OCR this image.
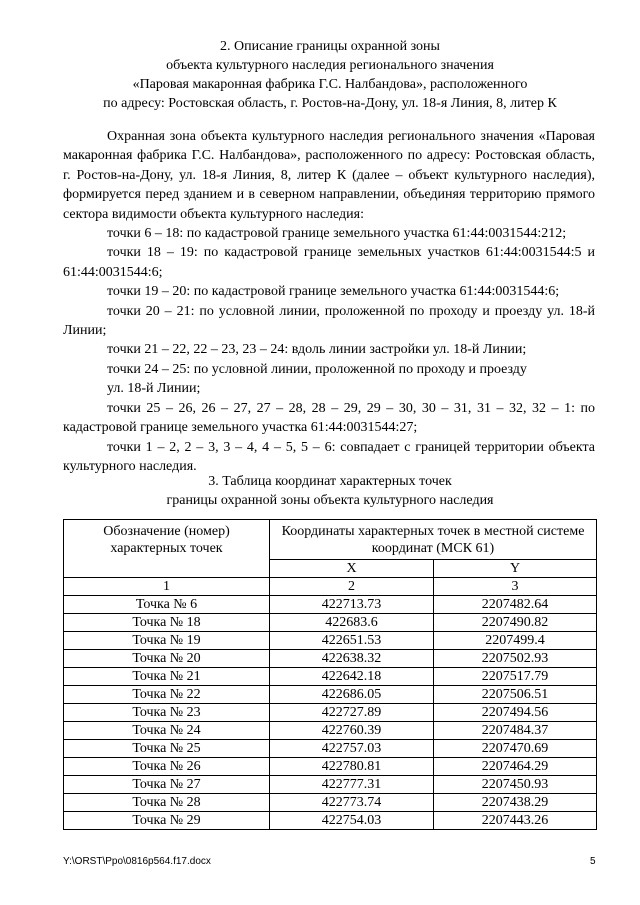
2. Описание границы охранной зоны
объекта культурного наследия регионального значения
«Паровая макаронная фабрика Г.С. Налбандова», расположенного
по адресу: Ростовская область, г. Ростов-на-Дону, ул. 18-я Линия, 8, литер К

Охранная зона объекта культурного наследия регионального значения «Паровая макаронная фабрика Г.С. Налбандова», расположенного по адресу: Ростовская область, г. Ростов-на-Дону, ул. 18-я Линия, 8, литер К (далее – объект культурного наследия), формируется перед зданием и в северном направлении, объединяя территорию прямого сектора видимости объекта культурного наследия:

точки 6 – 18: по кадастровой границе земельного участка 61:44:0031544:212;

точки 18 – 19: по кадастровой границе земельных участков 61:44:0031544:5 и 61:44:0031544:6;

точки 19 – 20: по кадастровой границе земельного участка 61:44:0031544:6;

точки 20 – 21: по условной линии, проложенной по проходу и проезду ул. 18-й Линии;

точки 21 – 22, 22 – 23, 23 – 24: вдоль линии застройки ул. 18-й Линии;

точки 24 – 25: по условной линии, проложенной по проходу и проезду

ул. 18-й Линии;

точки 25 – 26, 26 – 27, 27 – 28, 28 – 29, 29 – 30, 30 – 31, 31 – 32, 32 – 1: по кадастровой границе земельного участка 61:44:0031544:27;

точки 1 – 2, 2 – 3, 3 – 4, 4 – 5, 5 – 6: совпадает с границей территории объекта культурного наследия.

3. Таблица координат характерных точек
границы охранной зоны объекта культурного наследия
Обозначение (номер) характерных точек	Координаты характерных точек в местной системе координат (МСК 61)	
	X	Y
1	2	3
Точка № 6	422713.73	2207482.64
Точка № 18	422683.6	2207490.82
Точка № 19	422651.53	2207499.4
Точка № 20	422638.32	2207502.93
Точка № 21	422642.18	2207517.79
Точка № 22	422686.05	2207506.51
Точка № 23	422727.89	2207494.56
Точка № 24	422760.39	2207484.37
Точка № 25	422757.03	2207470.69
Точка № 26	422780.81	2207464.29
Точка № 27	422777.31	2207450.93
Точка № 28	422773.74	2207438.29
Точка № 29	422754.03	2207443.26
Y:\ORST\Ppo\0816p564.f17.docx	5
